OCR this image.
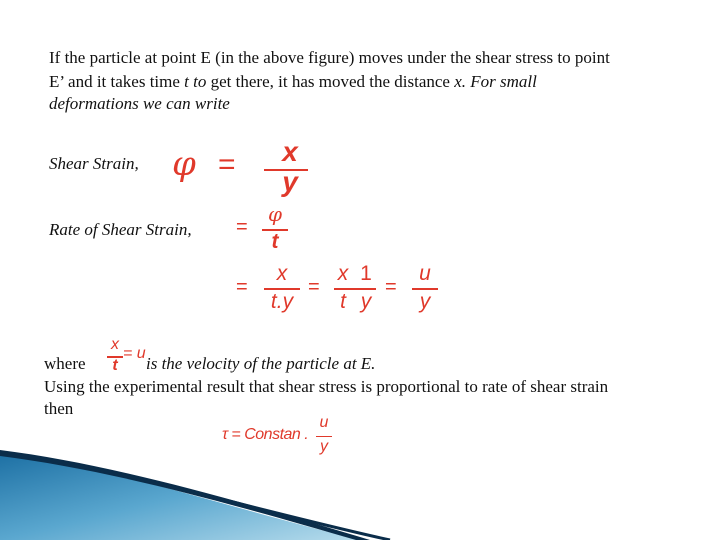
If the particle at point E (in the above figure) moves under the shear stress to point
E’ and it takes time t to get there, it has moved the distance x. For small
deformations we can write
Shear Strain, φ =	x
y
Rate of Shear Strain, =
φ
t
=
x
t.y
=
x 1
t y
=
u
y
where
x
t
= u
is the velocity of the particle at E.
Using the experimental result that shear stress is proportional to rate of shear strain
then
τ = Constan .
u
y
